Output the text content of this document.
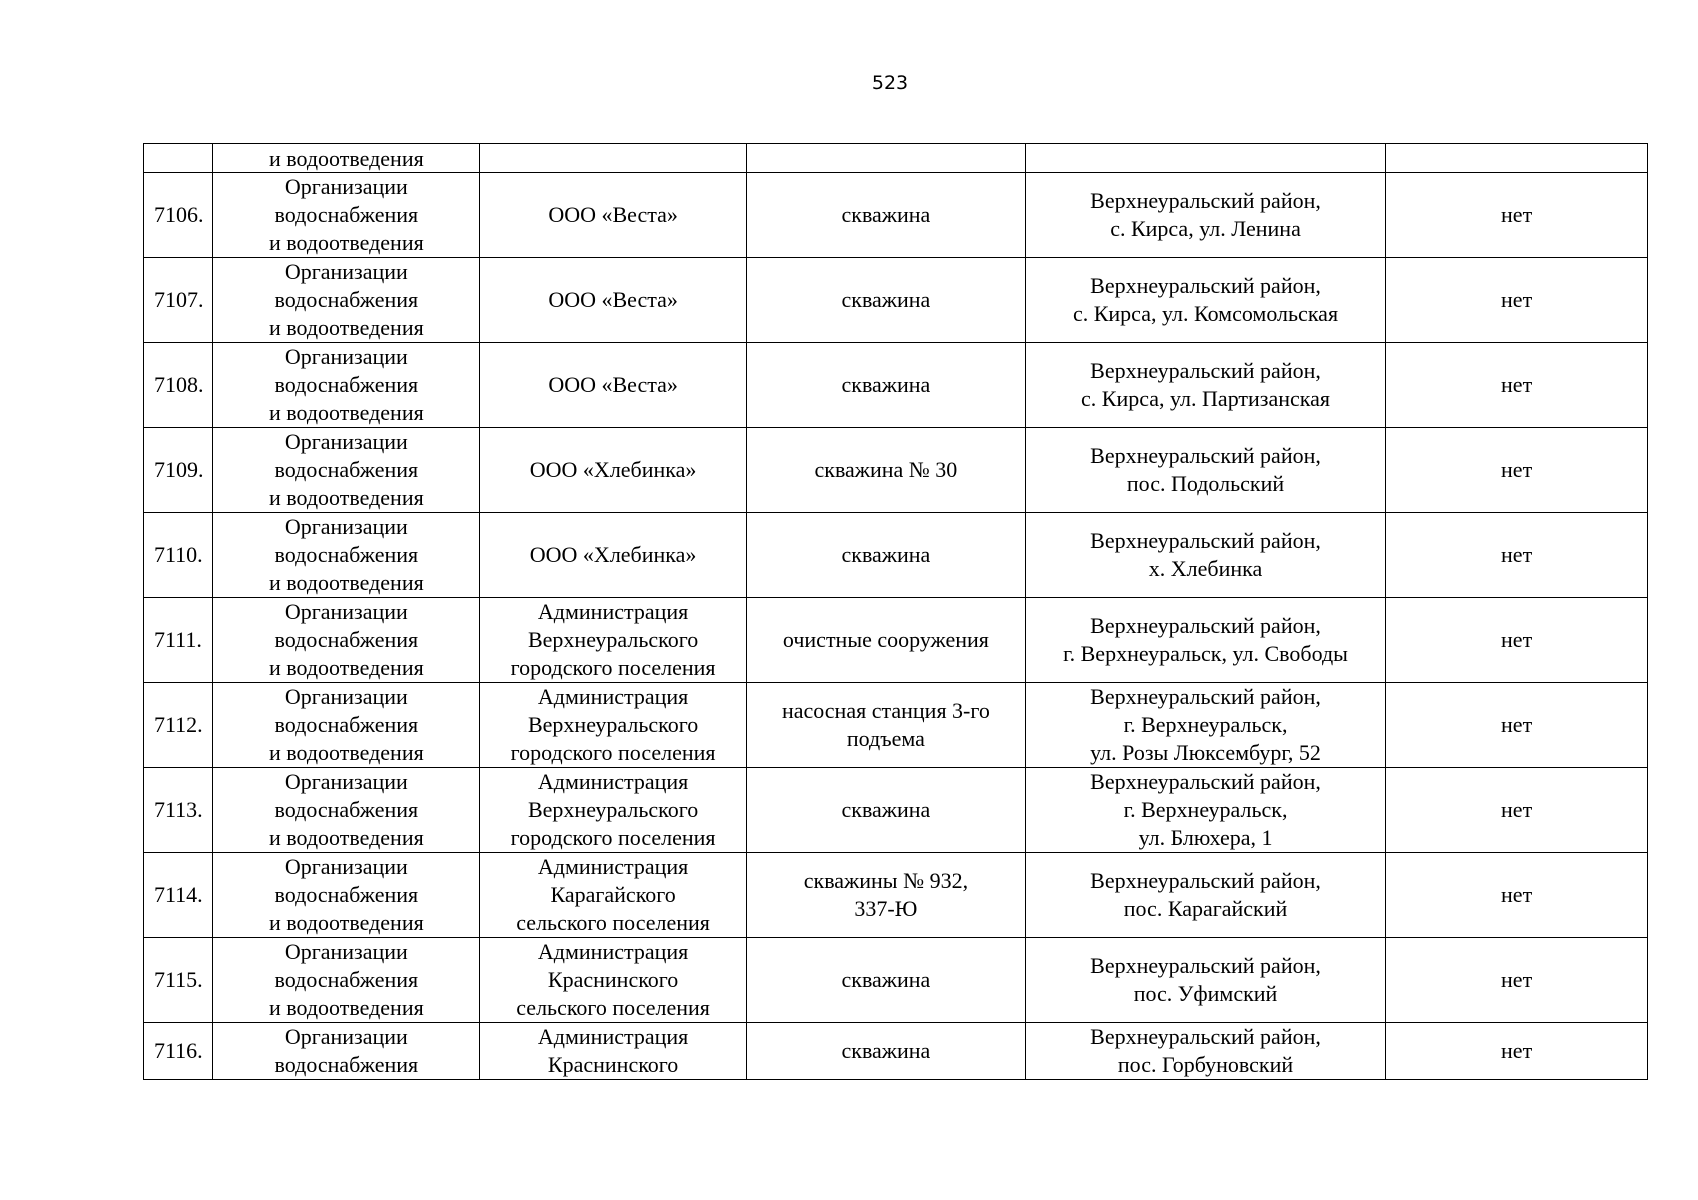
523
	и водоотведения				
7106.	Организации
водоснабжения
и водоотведения	ООО «Веста»	скважина	Верхнеуральский район,
с. Кирса, ул. Ленина	нет
7107.	Организации
водоснабжения
и водоотведения	ООО «Веста»	скважина	Верхнеуральский район,
с. Кирса, ул. Комсомольская	нет
7108.	Организации
водоснабжения
и водоотведения	ООО «Веста»	скважина	Верхнеуральский район,
с. Кирса, ул. Партизанская	нет
7109.	Организации
водоснабжения
и водоотведения	ООО «Хлебинка»	скважина № 30	Верхнеуральский район,
пос. Подольский	нет
7110.	Организации
водоснабжения
и водоотведения	ООО «Хлебинка»	скважина	Верхнеуральский район,
х. Хлебинка	нет
7111.	Организации
водоснабжения
и водоотведения	Администрация
Верхнеуральского
городского поселения	очистные сооружения	Верхнеуральский район,
г. Верхнеуральск, ул. Свободы	нет
7112.	Организации
водоснабжения
и водоотведения	Администрация
Верхнеуральского
городского поселения	насосная станция 3-го
подъема	Верхнеуральский район,
г. Верхнеуральск,
ул. Розы Люксембург, 52	нет
7113.	Организации
водоснабжения
и водоотведения	Администрация
Верхнеуральского
городского поселения	скважина	Верхнеуральский район,
г. Верхнеуральск,
ул. Блюхера, 1	нет
7114.	Организации
водоснабжения
и водоотведения	Администрация
Карагайского
сельского поселения	скважины № 932,
337-Ю	Верхнеуральский район,
пос. Карагайский	нет
7115.	Организации
водоснабжения
и водоотведения	Администрация
Краснинского
сельского поселения	скважина	Верхнеуральский район,
пос. Уфимский	нет
7116.	Организации
водоснабжения	Администрация
Краснинского	скважина	Верхнеуральский район,
пос. Горбуновский	нет
